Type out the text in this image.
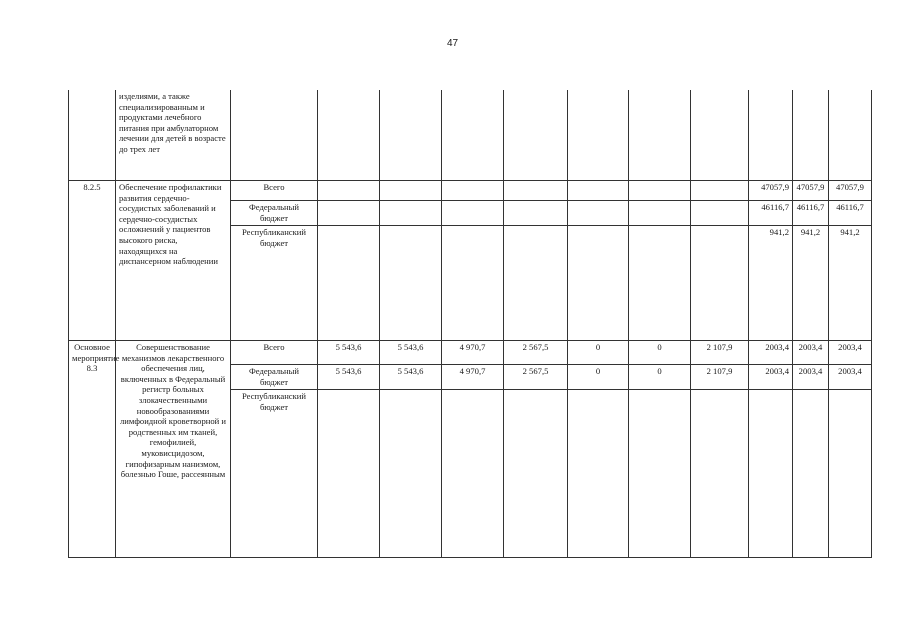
47
	изделиями, а также специализированным и продуктами лечебного питания при амбулаторном лечении для детей в возрасте до трех лет											
8.2.5	Обеспечение профилактики развития сердечно-сосудистых заболеваний и сердечно-сосудистых осложнений у пациентов высокого риска, находящихся на диспансерном наблюдении	Всего								47057,9	47057,9	47057,9
		Федеральный бюджет								46116,7	46116,7	46116,7
		Республиканский бюджет								941,2	941,2	941,2
Основное мероприятие 8.3	Совершенствование механизмов лекарственного обеспечения лиц, включенных в Федеральный регистр больных злокачественными новообразованиями лимфоидной кроветворной и родственных им тканей, гемофилией, муковисцидозом, гипофизарным нанизмом, болезнью Гоше, рассеянным	Всего	5 543,6	5 543,6	4 970,7	2 567,5	0	0	2 107,9	2003,4	2003,4	2003,4
		Федеральный бюджет	5 543,6	5 543,6	4 970,7	2 567,5	0	0	2 107,9	2003,4	2003,4	2003,4
		Республиканский бюджет										
